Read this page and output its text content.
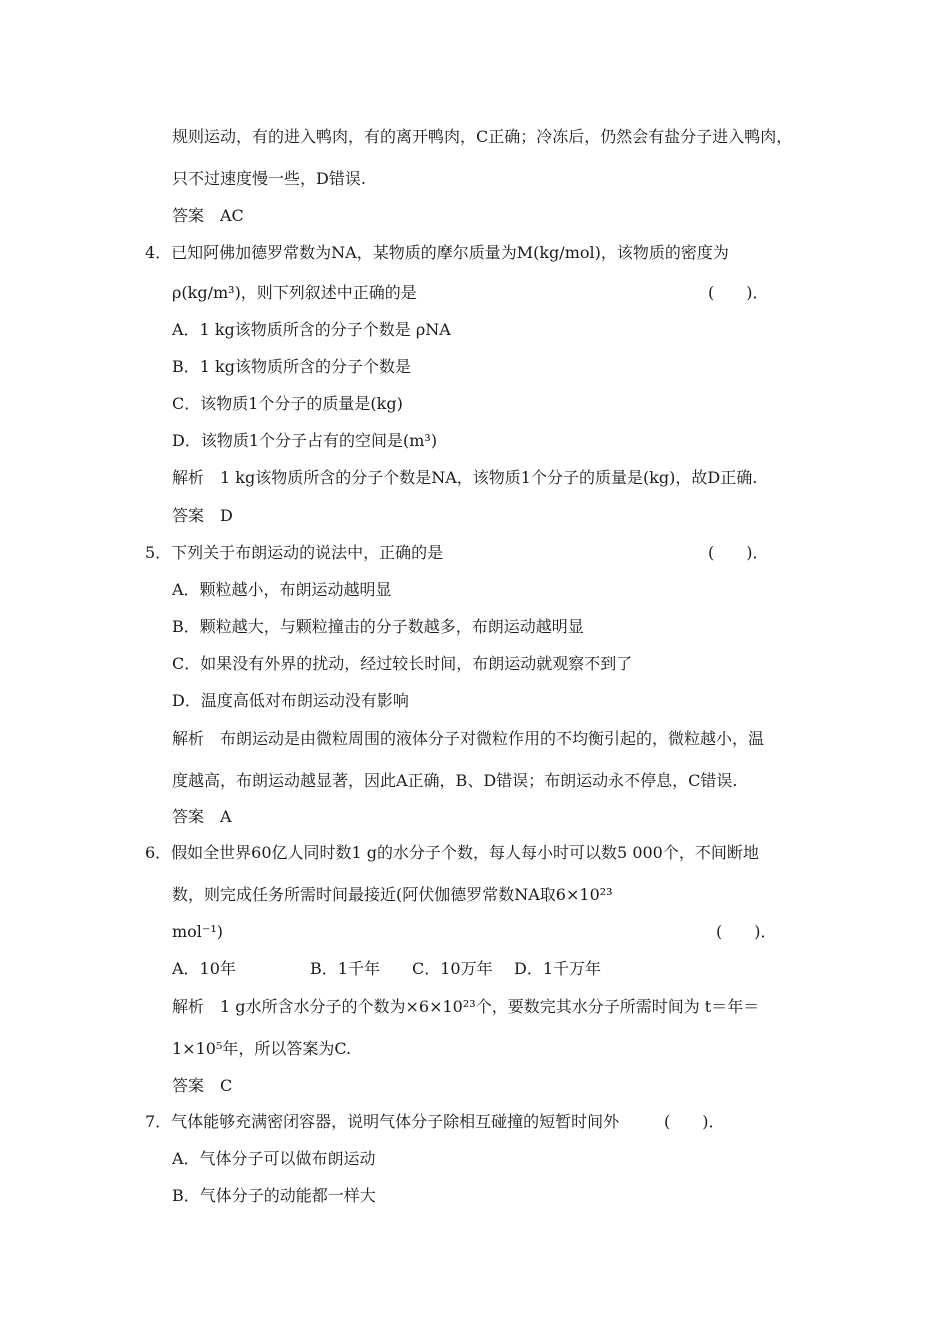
规则运动，有的进入鸭肉，有的离开鸭肉，C正确；冷冻后，仍然会有盐分子进入鸭肉，
只不过速度慢一些，D错误.
答案　AC
4．已知阿佛加德罗常数为NA，某物质的摩尔质量为M(kg/mol)，该物质的密度为
ρ(kg/m³)，则下列叙述中正确的是	(　　)．
A．1 kg该物质所含的分子个数是 ρNA
B．1 kg该物质所含的分子个数是
C．该物质1个分子的质量是(kg)
D．该物质1个分子占有的空间是(m³)
解析　1 kg该物质所含的分子个数是NA，该物质1个分子的质量是(kg)，故D正确.
答案　D
5．下列关于布朗运动的说法中，正确的是	(　　)．
A．颗粒越小，布朗运动越明显
B．颗粒越大，与颗粒撞击的分子数越多，布朗运动越明显
C．如果没有外界的扰动，经过较长时间，布朗运动就观察不到了
D．温度高低对布朗运动没有影响
解析　布朗运动是由微粒周围的液体分子对微粒作用的不均衡引起的，微粒越小，温
度越高，布朗运动越显著，因此A正确，B、D错误；布朗运动永不停息，C错误.
答案　A
6．假如全世界60亿人同时数1 g的水分子个数，每人每小时可以数5 000个，不间断地
数，则完成任务所需时间最接近(阿伏伽德罗常数NA取6×10²³
mol⁻¹)	(　　)．
A．10年	B．1千年 C．10万年 D．1千万年
解析　1 g水所含水分子的个数为×6×10²³个，要数完其水分子所需时间为 t＝年＝
1×10⁵年，所以答案为C.
答案　C
7．气体能够充满密闭容器，说明气体分子除相互碰撞的短暂时间外	(　　)．
A．气体分子可以做布朗运动
B．气体分子的动能都一样大
